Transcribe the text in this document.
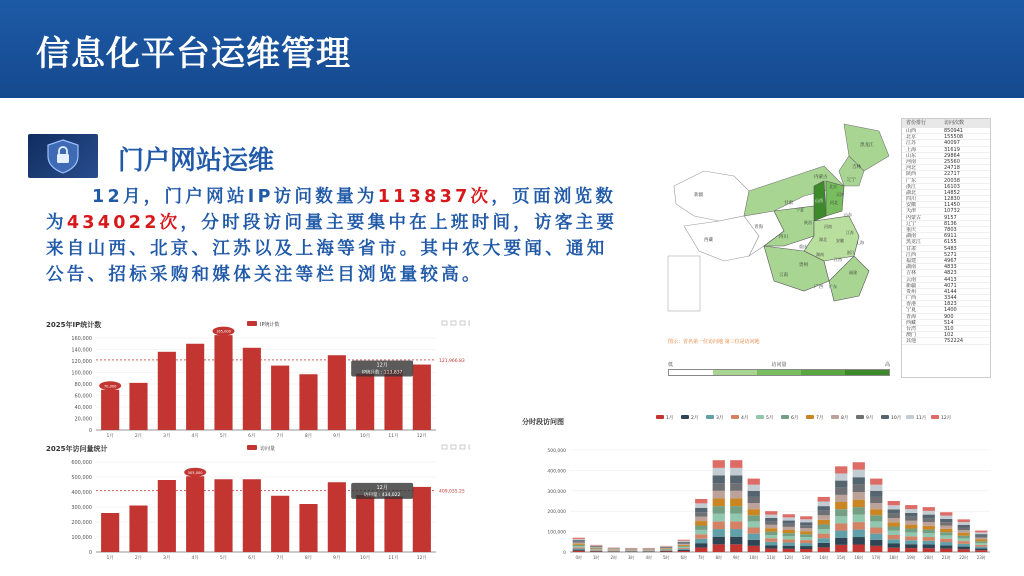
信息化平台运维管理
门户网站运维
12月，门户网站IP访问数量为113837次，页面浏览数为434022次，分时段访问量主要集中在上班时间，访客主要来自山西、北京、江苏以及上海等省市。其中农大要闻、通知公告、招标采购和媒体关注等栏目浏览量较高。
新疆
西藏
青海
甘肃
四川
云南
广西
贵州
内蒙古
黑龙江
吉林
辽宁
北京
天津
河北
山西
陕西
宁夏
河南
山东
江苏
上海
浙江
湖北
湖南
江西
福建
广东
安徽
重庆
图示：省名第一位访问地 第三位是访问地
低	访问量	高
省份排行	访问次数
山西	850941
北京	155508
江苏	40097
上海	31619
山东	29864
河南	25560
河北	24718
陕西	22717
广东	20038
浙江	16103
湖北	14852
四川	12830
安徽	11450
天津	10732
内蒙古	9157
辽宁	8136
重庆	7803
湖南	6911
黑龙江	6155
甘肃	5483
江西	5271
福建	4967
湖南	4833
吉林	4823
云南	4413
新疆	4071
贵州	4144
广西	3344
香港	1823
宁夏	1400
青海	900
西藏	514
台湾	310
澳门	102
其他	752224
2025年IP统计数	IP统计数
0
20,000
40,000
60,000
80,000
100,000
120,000
140,000
160,000
1月	2月	3月	4月	5月	6月	7月	8月	9月	10月	11月	12月
121,966.83
165,000
70,000
12月
IP统计数 : 113,837
2025年访问量统计	访问量
0
100,000
200,000
300,000
400,000
500,000
600,000
1月	2月	3月	4月	5月	6月	7月	8月	9月	10月	11月	12月
409,035.25
505,000
12月
访问量 : 434,022
分时段访问图	1月	2月	3月	4月	5月	6月	7月	8月	9月	10月	11月	12月
0
100,000
200,000
300,000
400,000
500,000
0时	1时	2时	3时	4时	5时	6时	7时	8时	9时 10时 11时 12时 13时 14时 15时 16时 17时 18时 19时 20时 21时 22时 23时
